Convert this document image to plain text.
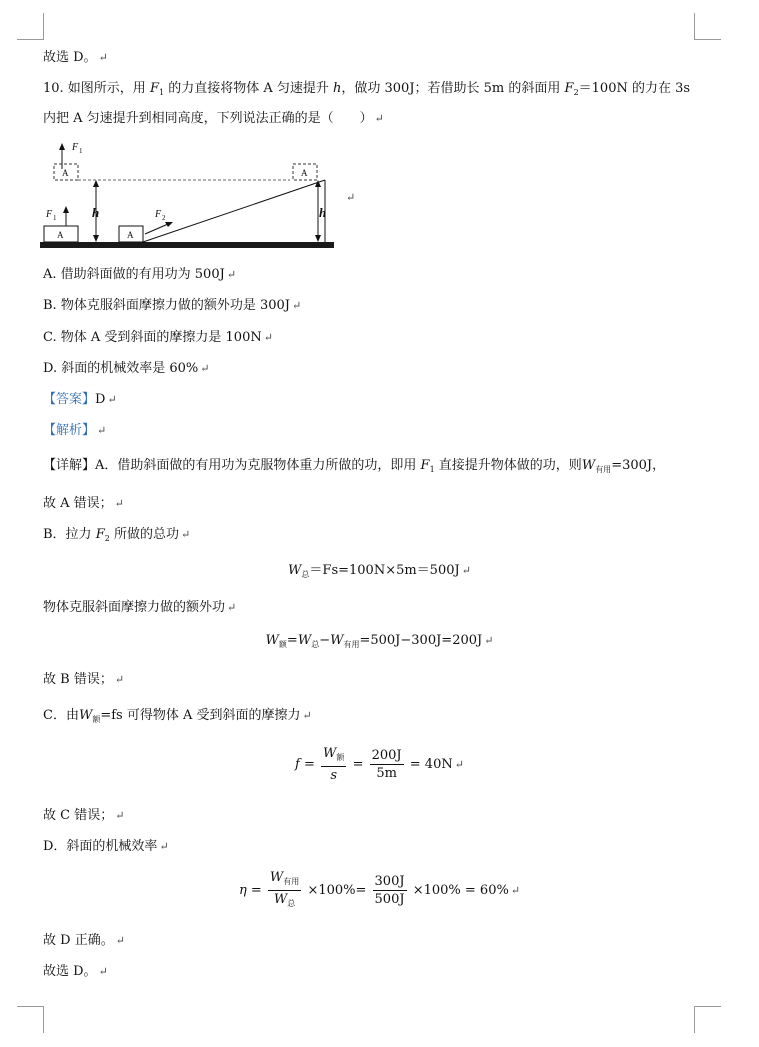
故选 D。 ↵
10. 如图所示，用 $F_1$ 的力直接将物体 A 匀速提升 h，做功 300J；若借助长 5m 的斜面用 $F_2=100N$ 的力在 3s
内把 A 匀速提升到相同高度，下列说法正确的是（　　） ↵
F 1
A	A
A
F 1	h
A
F 2	h
↵
A. 借助斜面做的有用功为 500J ↵
B. 物体克服斜面摩擦力做的额外功是 300J ↵
C. 物体 A 受到斜面的摩擦力是 100N ↵
D. 斜面的机械效率是 60% ↵
【答案】D ↵
【解析】 ↵
【详解】A．借助斜面做的有用功为克服物体重力所做的功，即用 $F_1$ 直接提升物体做的功，则$W_{有用}=300J$，
故 A 错误； ↵
B．拉力 $F_2$ 所做的总功 ↵
$W_总=Fs=100N\times 5m=500J$ ↵
物体克服斜面摩擦力做的额外功 ↵
$W_额=W_总-W_{有用}=500J-300J=200J$ ↵
故 B 错误； ↵
C．由$W_额=fs$ 可得物体 A 受到斜面的摩擦力 ↵
$f = \frac{W_额}{s} = \frac{200J}{5m} = 40N$ ↵
故 C 错误； ↵
D．斜面的机械效率 ↵
$\eta = \frac{W_{有用}}{W_总} \times 100\%= \frac{300J}{500J} \times 100\% = 60\%$ ↵
故 D 正确。 ↵
故选 D。 ↵
